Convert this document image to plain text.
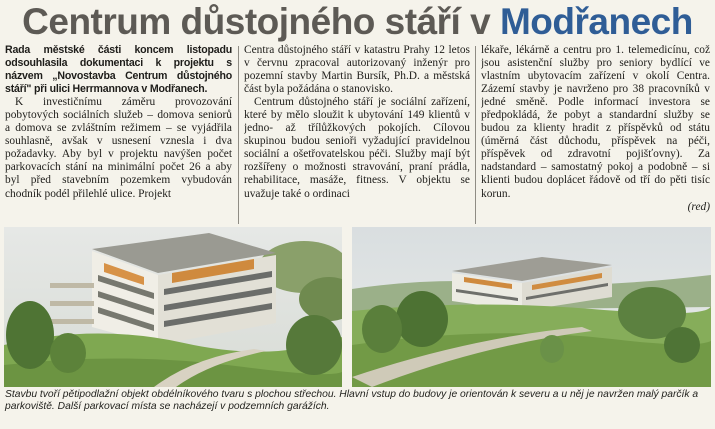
Centrum důstojného stáří v Modřanech

Rada městské části koncem listopadu odsouhlasila dokumentaci k projektu s názvem „Novostavba Centrum důstojného stáří" při ulici Herrmannova v Modřanech.

K investičnímu záměru provozování pobytových sociálních služeb – domova seniorů a domova se zvláštním režimem – se vyjádřila souhlasně, avšak v usnesení vznesla i dva požadavky. Aby byl v projektu navýšen počet parkovacích stání na minimální počet 26 a aby byl před stavebním pozemkem vybudován chodník podél přilehlé ulice. Projekt

Centra důstojného stáří v katastru Prahy 12 letos v červnu zpracoval autorizovaný inženýr pro pozemní stavby Martin Bursík, Ph.D. a městská část byla požádána o stanovisko.

Centrum důstojného stáří je sociální zařízení, které by mělo sloužit k ubytování 149 klientů v jedno- až třílůžkových pokojích. Cílovou skupinou budou senioři vyžadující pravidelnou sociální a ošetřovatelskou péči. Služby mají být rozšířeny o možnosti stravování, praní prádla, rehabilitace, masáže, fitness. V objektu se uvažuje také o ordinaci

lékaře, lékárně a centru pro 1. telemedicínu, což jsou asistenční služby pro seniory bydlící ve vlastním ubytovacím zařízení v okolí Centra. Zázemí stavby je navrženo pro 38 pracovníků v jedné směně. Podle informací investora se předpokládá, že pobyt a standardní služby se budou za klienty hradit z příspěvků od státu (úměrná část důchodu, příspěvek na péči, příspěvek od zdravotní pojišťovny). Za nadstandard – samostatný pokoj a podobně – si klienti budou doplácet řádově od tří do pěti tisíc korun.

(red)
Stavbu tvoří pětipodlažní objekt obdélníkového tvaru s plochou střechou. Hlavní vstup do budovy je orientován k severu a u něj je navržen malý parčík a parkoviště. Další parkovací místa se nacházejí v podzemních garážích.
